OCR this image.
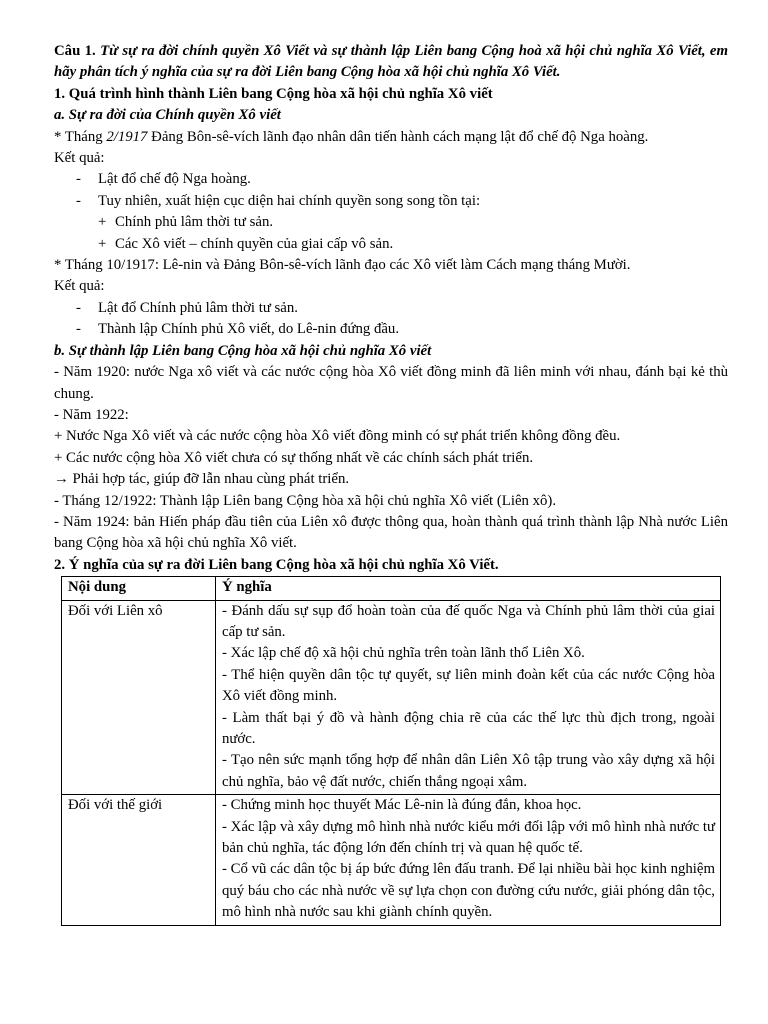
Câu 1. Từ sự ra đời chính quyền Xô Viết và sự thành lập Liên bang Cộng hoà xã hội chủ nghĩa Xô Viết, em hãy phân tích ý nghĩa của sự ra đời Liên bang Cộng hòa xã hội chủ nghĩa Xô Viết.

1. Quá trình hình thành Liên bang Cộng hòa xã hội chủ nghĩa Xô viết

a. Sự ra đời của Chính quyền Xô viết

* Tháng 2/1917 Đảng Bôn-sê-vích lãnh đạo nhân dân tiến hành cách mạng lật đổ chế độ Nga hoàng.

Kết quả:

- Lật đổ chế độ Nga hoàng.

- Tuy nhiên, xuất hiện cục diện hai chính quyền song song tồn tại:

+ Chính phủ lâm thời tư sản.

+ Các Xô viết – chính quyền của giai cấp vô sản.

* Tháng 10/1917: Lê-nin và Đảng Bôn-sê-vích lãnh đạo các Xô viết làm Cách mạng tháng Mười.

Kết quả:

- Lật đổ Chính phủ lâm thời tư sản.

- Thành lập Chính phủ Xô viết, do Lê-nin đứng đầu.

b. Sự thành lập Liên bang Cộng hòa xã hội chủ nghĩa Xô viết

- Năm 1920: nước Nga xô viết và các nước cộng hòa Xô viết đồng minh đã liên minh với nhau, đánh bại kẻ thù chung.

- Năm 1922:

+ Nước Nga Xô viết và các nước cộng hòa Xô viết đồng minh có sự phát triển không đồng đều.

+ Các nước cộng hòa Xô viết chưa có sự thống nhất về các chính sách phát triển.

→ Phải hợp tác, giúp đỡ lẫn nhau cùng phát triển.

- Tháng 12/1922: Thành lập Liên bang Cộng hòa xã hội chủ nghĩa Xô viết (Liên xô).

- Năm 1924: bản Hiến pháp đầu tiên của Liên xô được thông qua, hoàn thành quá trình thành lập Nhà nước Liên bang Cộng hòa xã hội chủ nghĩa Xô viết.

2. Ý nghĩa của sự ra đời Liên bang Cộng hòa xã hội chủ nghĩa Xô Viết.

Nội dung	Ý nghĩa
Đối với Liên xô	- Đánh dấu sự sụp đổ hoàn toàn của đế quốc Nga và Chính phủ lâm thời của giai cấp tư sản.

- Xác lập chế độ xã hội chủ nghĩa trên toàn lãnh thổ Liên Xô.

- Thể hiện quyền dân tộc tự quyết, sự liên minh đoàn kết của các nước Cộng hòa Xô viết đồng minh.

- Làm thất bại ý đồ và hành động chia rẽ của các thế lực thù địch trong, ngoài nước.

- Tạo nên sức mạnh tổng hợp để nhân dân Liên Xô tập trung vào xây dựng xã hội chủ nghĩa, bảo vệ đất nước, chiến thắng ngoại xâm.

Đối với thế giới	- Chứng minh học thuyết Mác Lê-nin là đúng đắn, khoa học.

- Xác lập và xây dựng mô hình nhà nước kiểu mới đối lập với mô hình nhà nước tư bản chủ nghĩa, tác động lớn đến chính trị và quan hệ quốc tế.

- Cổ vũ các dân tộc bị áp bức đứng lên đấu tranh. Để lại nhiều bài học kinh nghiệm quý báu cho các nhà nước về sự lựa chọn con đường cứu nước, giải phóng dân tộc, mô hình nhà nước sau khi giành chính quyền.
